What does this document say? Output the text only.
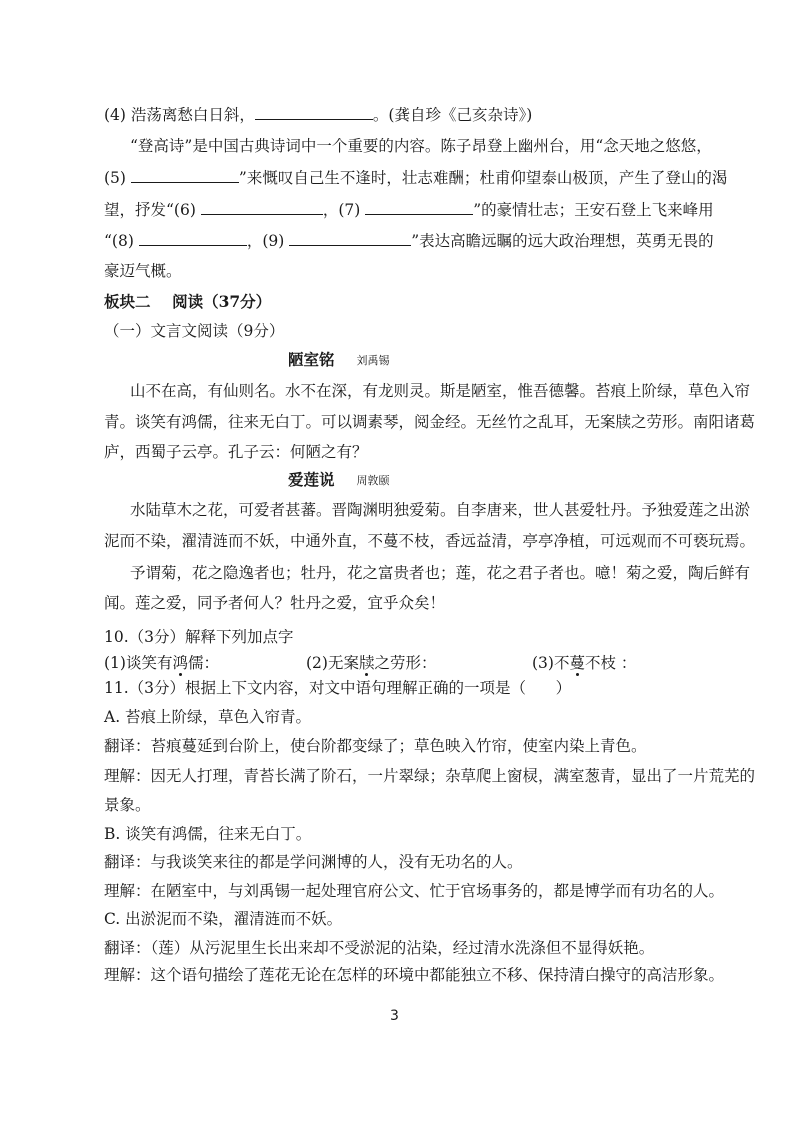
(4) 浩荡离愁白日斜，	。(龚自珍《己亥杂诗》)
“登高诗”是中国古典诗词中一个重要的内容。陈子昂登上幽州台，用“念天地之悠悠，
(5)	”来慨叹自己生不逢时，壮志难酬；杜甫仰望泰山极顶，产生了登山的渴
望，抒发“(6)	，(7)	”的豪情壮志；王安石登上飞来峰用
“(8)	，(9)	”表达高瞻远瞩的远大政治理想，英勇无畏的
豪迈气概。
板块二    阅读（37分）
（一）文言文阅读（9分）
陋室铭 刘禹锡
山不在高，有仙则名。水不在深，有龙则灵。斯是陋室，惟吾德馨。苔痕上阶绿，草色入帘
青。谈笑有鸿儒，往来无白丁。可以调素琴，阅金经。无丝竹之乱耳，无案牍之劳形。南阳诸葛
庐，西蜀子云亭。孔子云：何陋之有？
爱莲说 周敦颐
水陆草木之花，可爱者甚蕃。晋陶渊明独爱菊。自李唐来，世人甚爱牡丹。予独爱莲之出淤
泥而不染，濯清涟而不妖，中通外直，不蔓不枝，香远益清，亭亭净植，可远观而不可亵玩焉。
予谓菊，花之隐逸者也；牡丹，花之富贵者也；莲，花之君子者也。噫！菊之爱，陶后鲜有
闻。莲之爱，同予者何人？牡丹之爱，宜乎众矣！
10.（3分）解释下列加点字
(1)谈笑有鸿儒：	(2)无案牍之劳形：	(3)不蔓不枝 ：
11.（3分）根据上下文内容，对文中语句理解正确的一项是（      ）
A. 苔痕上阶绿，草色入帘青。
翻译：苔痕蔓延到台阶上，使台阶都变绿了；草色映入竹帘，使室内染上青色。
理解：因无人打理，青苔长满了阶石，一片翠绿；杂草爬上窗棂，满室葱青，显出了一片荒芜的
景象。
B. 谈笑有鸿儒，往来无白丁。
翻译：与我谈笑来往的都是学问渊博的人，没有无功名的人。
理解：在陋室中，与刘禹锡一起处理官府公文、忙于官场事务的，都是博学而有功名的人。
C. 出淤泥而不染，濯清涟而不妖。
翻译：（莲）从污泥里生长出来却不受淤泥的沾染，经过清水洗涤但不显得妖艳。
理解：这个语句描绘了莲花无论在怎样的环境中都能独立不移、保持清白操守的高洁形象。
3
